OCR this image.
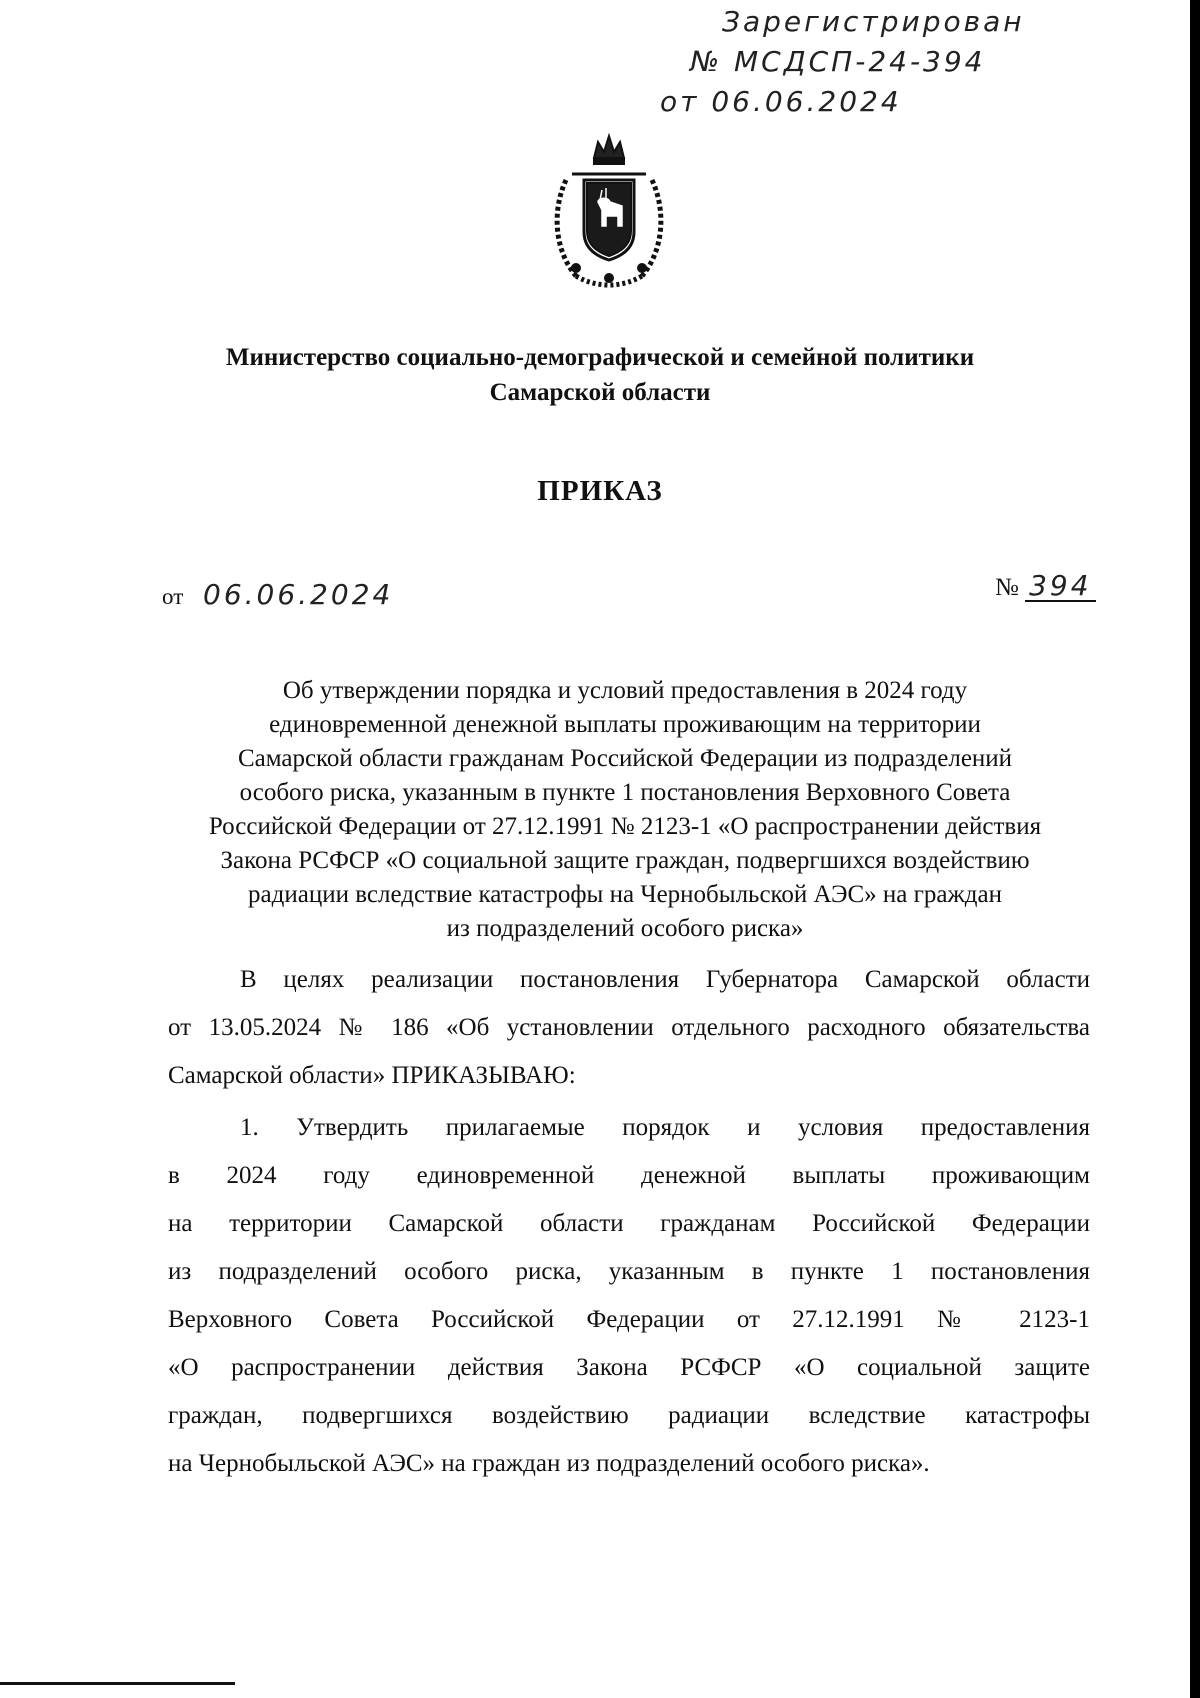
Зарегистрирован
№ МСДСП-24-394
от 06.06.2024
Министерство социально-демографической и семейной политики
Самарской области
ПРИКАЗ
от 06.06.2024	№ 394
Об утверждении порядка и условий предоставления в 2024 году
единовременной денежной выплаты проживающим на территории
Самарской области гражданам Российской Федерации из подразделений
особого риска, указанным в пункте 1 постановления Верховного Совета
Российской Федерации от 27.12.1991 № 2123-1 «О распространении действия
Закона РСФСР «О социальной защите граждан, подвергшихся воздействию
радиации вследствие катастрофы на Чернобыльской АЭС» на граждан
из подразделений особого риска»
В целях реализации постановления Губернатора Самарской области
от 13.05.2024 № 186 «Об установлении отдельного расходного обязательства
Самарской области» ПРИКАЗЫВАЮ:
1. Утвердить прилагаемые порядок и условия предоставления
в 2024 году единовременной денежной выплаты проживающим
на территории Самарской области гражданам Российской Федерации
из подразделений особого риска, указанным в пункте 1 постановления
Верховного Совета Российской Федерации от 27.12.1991 № 2123-1
«О распространении действия Закона РСФСР «О социальной защите
граждан, подвергшихся воздействию радиации вследствие катастрофы
на Чернобыльской АЭС» на граждан из подразделений особого риска».
